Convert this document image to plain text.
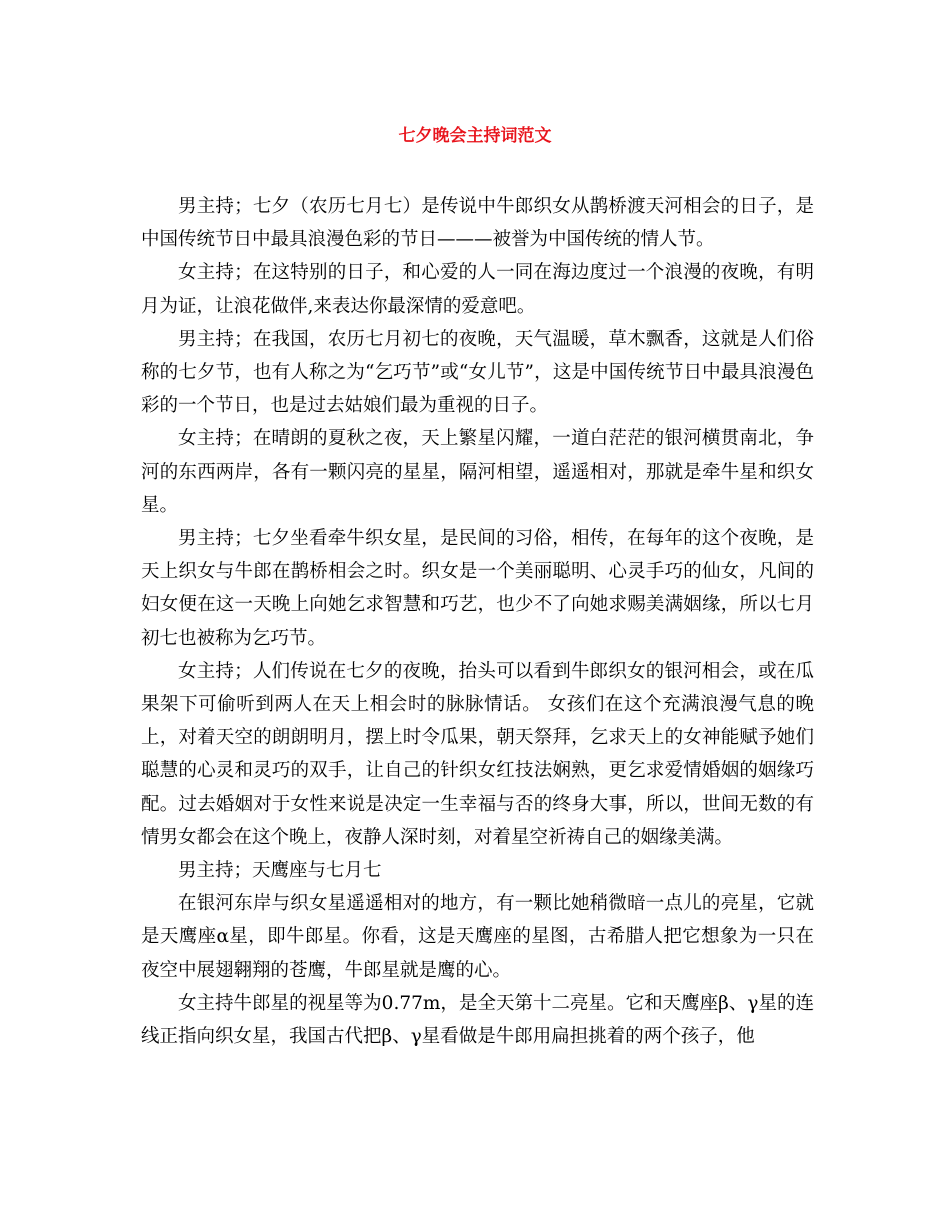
七夕晚会主持词范文

男主持；七夕（农历七月七）是传说中牛郎织女从鹊桥渡天河相会的日子，是中国传统节日中最具浪漫色彩的节日———被誉为中国传统的情人节。

女主持；在这特别的日子，和心爱的人一同在海边度过一个浪漫的夜晚，有明月为证，让浪花做伴,来表达你最深情的爱意吧。

男主持；在我国，农历七月初七的夜晚，天气温暖，草木飘香，这就是人们俗称的七夕节，也有人称之为“乞巧节”或“女儿节”，这是中国传统节日中最具浪漫色彩的一个节日，也是过去姑娘们最为重视的日子。

女主持；在晴朗的夏秋之夜，天上繁星闪耀，一道白茫茫的银河横贯南北，争河的东西两岸，各有一颗闪亮的星星，隔河相望，遥遥相对，那就是牵牛星和织女星。

男主持；七夕坐看牵牛织女星，是民间的习俗，相传，在每年的这个夜晚，是天上织女与牛郎在鹊桥相会之时。织女是一个美丽聪明、心灵手巧的仙女，凡间的妇女便在这一天晚上向她乞求智慧和巧艺，也少不了向她求赐美满姻缘，所以七月初七也被称为乞巧节。

女主持；人们传说在七夕的夜晚，抬头可以看到牛郎织女的银河相会，或在瓜果架下可偷听到两人在天上相会时的脉脉情话。 女孩们在这个充满浪漫气息的晚上，对着天空的朗朗明月，摆上时令瓜果，朝天祭拜，乞求天上的女神能赋予她们聪慧的心灵和灵巧的双手，让自己的针织女红技法娴熟，更乞求爱情婚姻的姻缘巧配。过去婚姻对于女性来说是决定一生幸福与否的终身大事，所以，世间无数的有情男女都会在这个晚上，夜静人深时刻，对着星空祈祷自己的姻缘美满。

男主持；天鹰座与七月七

在银河东岸与织女星遥遥相对的地方，有一颗比她稍微暗一点儿的亮星，它就是天鹰座α星，即牛郎星。你看，这是天鹰座的星图，古希腊人把它想象为一只在夜空中展翅翱翔的苍鹰，牛郎星就是鹰的心。

女主持牛郎星的视星等为0.77m，是全天第十二亮星。它和天鹰座β、γ星的连线正指向织女星，我国古代把β、γ星看做是牛郎用扁担挑着的两个孩子，他
